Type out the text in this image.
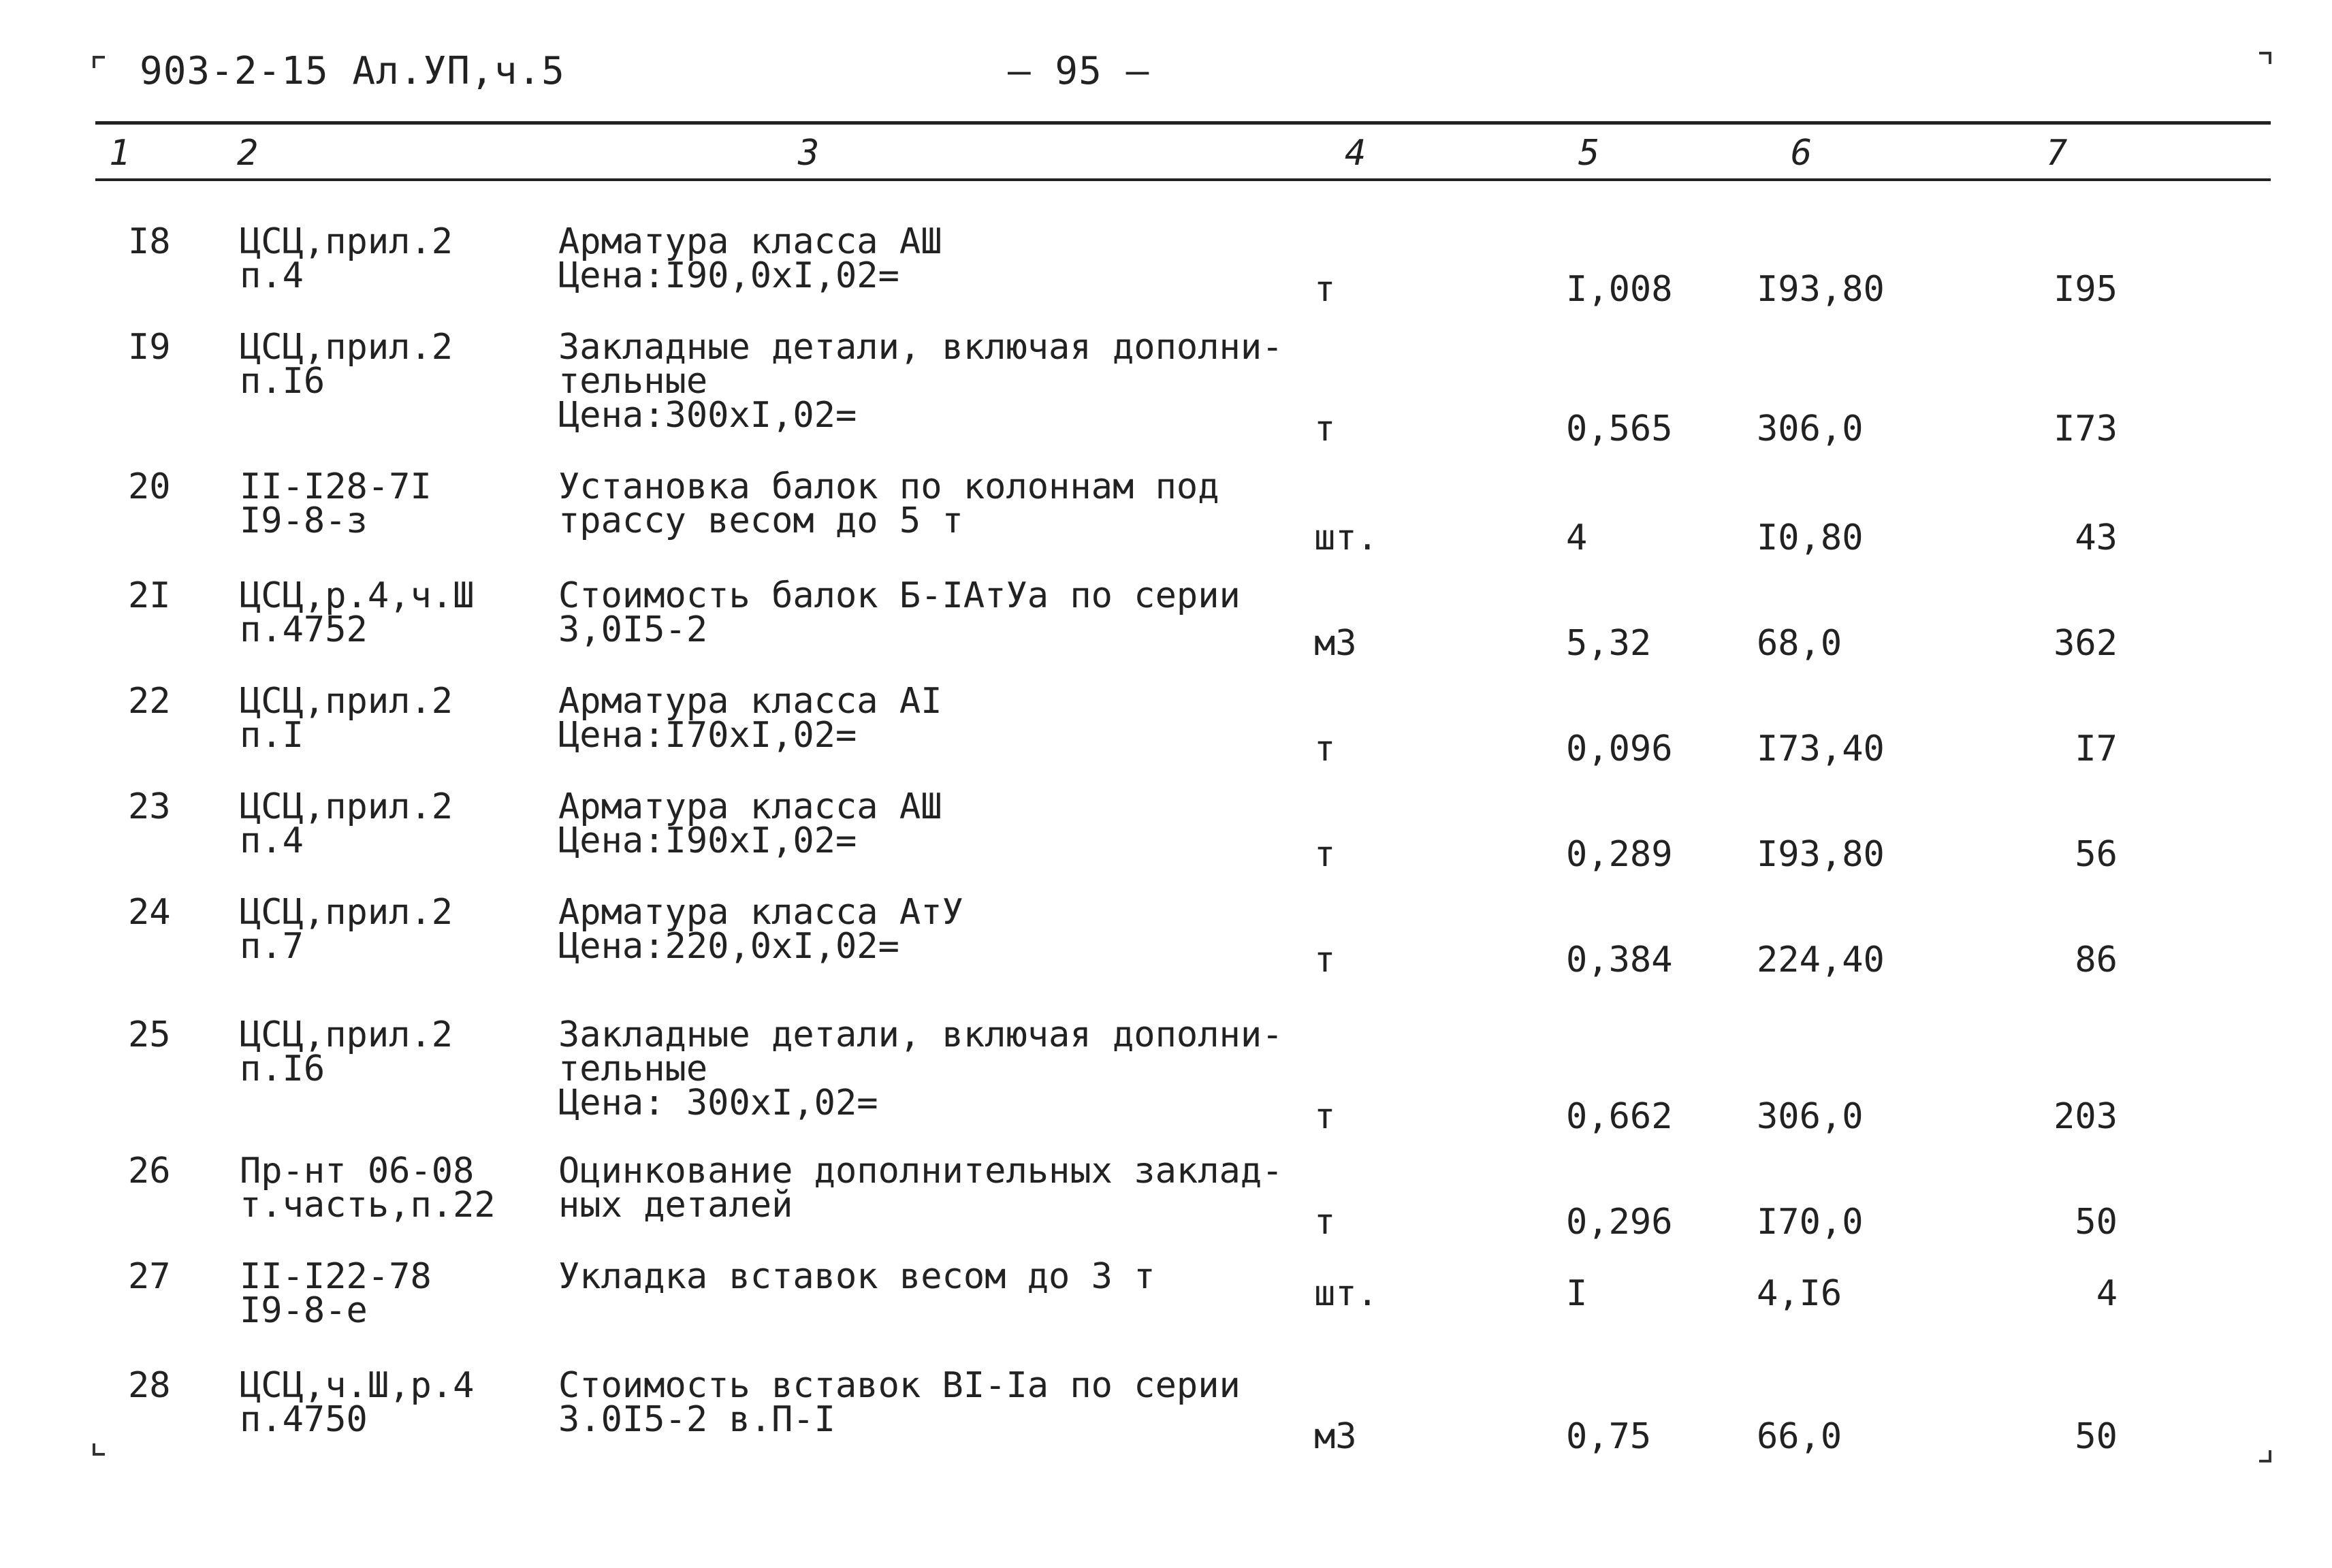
903-2-15 Ал.УП,ч.5	— 95 —
1	2	3	4	5	6	7
I8 ЦСЦ,прил.2
п.4
Арматура класса АШ
Цена:I90,0хI,02=	т	I,008 I93,80	I95
I9 ЦСЦ,прил.2
п.I6
Закладные детали, включая дополни-
тельные
Цена:300хI,02=	т	0,565 306,0	I73
20 II-I28-7I
I9-8-з
Установка балок по колоннам под
трассу весом до 5 т	шт.	4	I0,80	43
2I ЦСЦ,р.4,ч.Ш
п.4752
Стоимость балок Б-IАтУа по серии
3,0I5-2	м3	5,32	68,0	362
22 ЦСЦ,прил.2
п.I
Арматура класса АI
Цена:I70хI,02=	т	0,096 I73,40	I7
23 ЦСЦ,прил.2
п.4
Арматура класса АШ
Цена:I90хI,02=	т	0,289 I93,80	56
24 ЦСЦ,прил.2
п.7
Арматура класса АтУ
Цена:220,0хI,02=	т	0,384 224,40	86
25 ЦСЦ,прил.2
п.I6
Закладные детали, включая дополни-
тельные
Цена: 300хI,02=	т	0,662 306,0	203
26 Пр-нт 06-08
т.часть,п.22
Оцинкование дополнительных заклад-
ных деталей	т	0,296 I70,0	50
27 II-I22-78
I9-8-е
Укладка вставок весом до 3 т	шт.	I	4,I6	4
28 ЦСЦ,ч.Ш,р.4
п.4750
Стоимость вставок ВI-Iа по серии
3.0I5-2 в.П-I	м3	0,75	66,0	50
